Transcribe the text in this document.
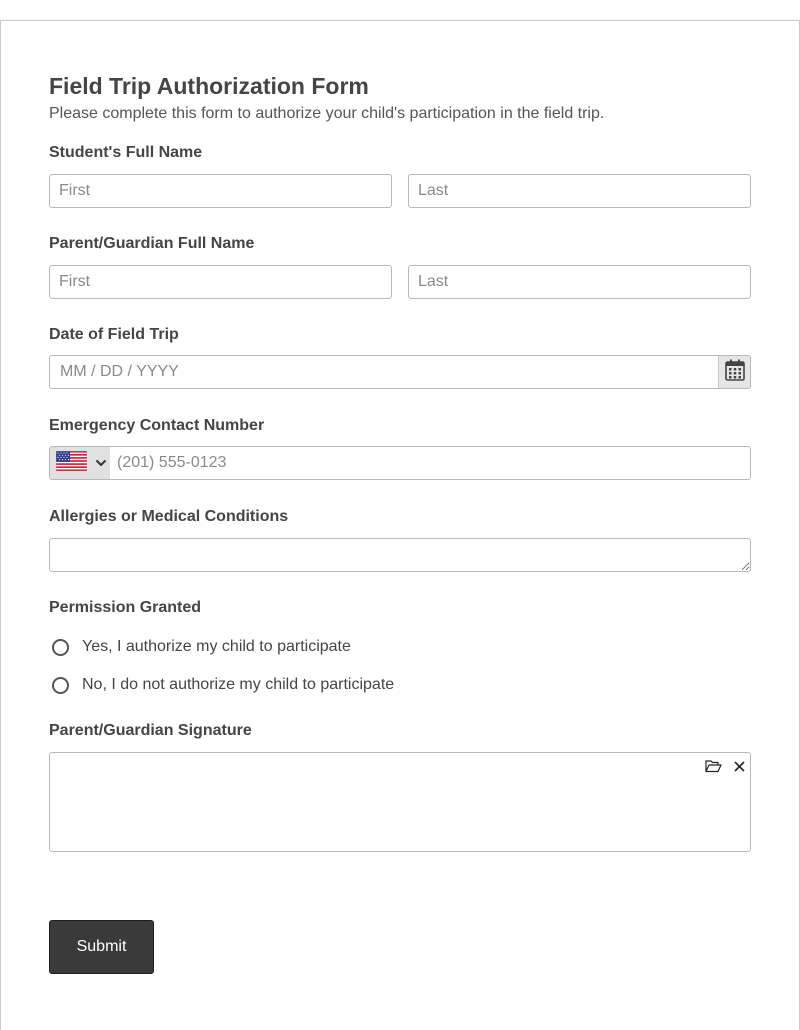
Field Trip Authorization Form

Please complete this form to authorize your child's participation in the field trip.

Student's Full Name
First
Last
Parent/Guardian Full Name
First
Last
Date of Field Trip
MM / DD / YYYY
Emergency Contact Number
(201) 555-0123
Allergies or Medical Conditions
Permission Granted
Yes, I authorize my child to participate
No, I do not authorize my child to participate
Parent/Guardian Signature
Submit
